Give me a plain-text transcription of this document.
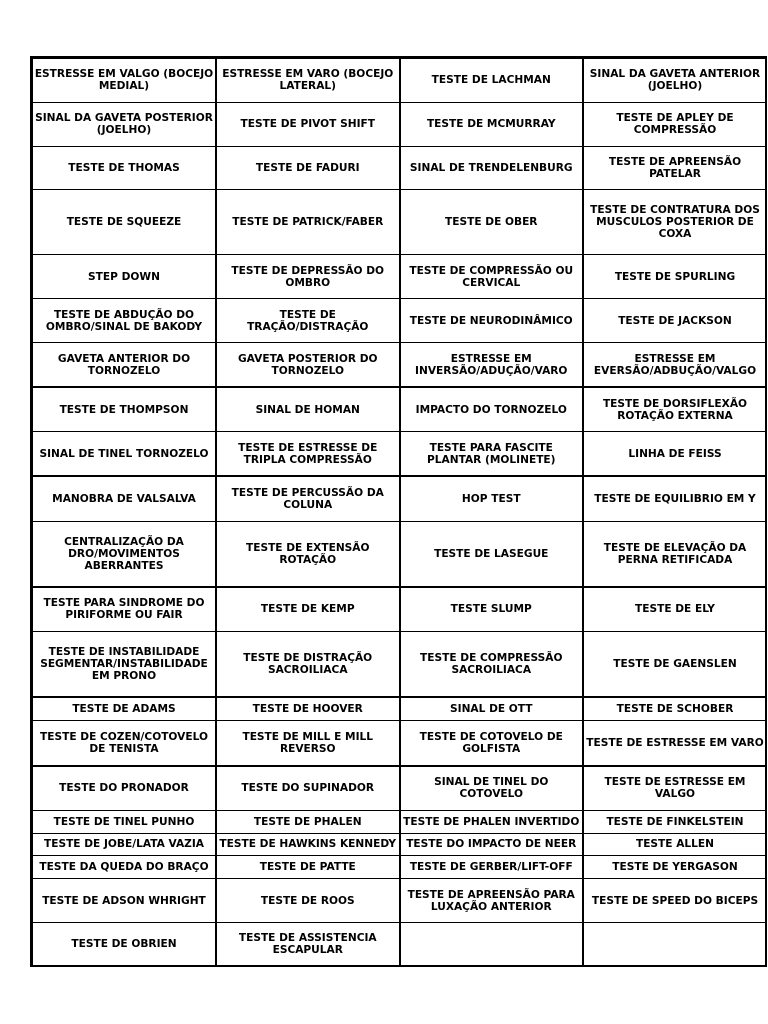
ESTRESSE EM VALGO (BOCEJO MEDIAL)	ESTRESSE EM VARO (BOCEJO LATERAL)	TESTE DE LACHMAN	SINAL DA GAVETA ANTERIOR (JOELHO)

SINAL DA GAVETA POSTERIOR (JOELHO)	TESTE DE PIVOT SHIFT	TESTE DE MCMURRAY	TESTE DE APLEY DE COMPRESSÃO

TESTE DE THOMAS	TESTE DE FADURI	SINAL DE TRENDELENBURG	TESTE DE APREENSÃO PATELAR

TESTE DE SQUEEZE	TESTE DE PATRICK/FABER	TESTE DE OBER	TESTE DE CONTRATURA DOS MUSCULOS POSTERIOR DE COXA

STEP DOWN	TESTE DE DEPRESSÃO DO OMBRO	TESTE DE COMPRESSÃO OU CERVICAL	TESTE DE SPURLING

TESTE DE ABDUÇÃO DO OMBRO/SINAL DE BAKODY	TESTE DE TRAÇÃO/DISTRAÇÃO	TESTE DE NEURODINÂMICO	TESTE DE JACKSON

GAVETA ANTERIOR DO TORNOZELO	GAVETA POSTERIOR DO TORNOZELO	ESTRESSE EM INVERSÃO/ADUÇÃO/VARO	ESTRESSE EM EVERSÃO/ADBUÇÃO/VALGO

TESTE DE THOMPSON	SINAL DE HOMAN	IMPACTO DO TORNOZELO	TESTE DE DORSIFLEXÃO ROTAÇÃO EXTERNA

SINAL DE TINEL TORNOZELO	TESTE DE ESTRESSE DE TRIPLA COMPRESSÃO	TESTE PARA FASCITE PLANTAR (MOLINETE)	LINHA DE FEISS

MANOBRA DE VALSALVA	TESTE DE PERCUSSÃO DA COLUNA	HOP TEST	TESTE DE EQUILIBRIO EM Y

CENTRALIZAÇÃO DA DRO/MOVIMENTOS ABERRANTES	TESTE DE EXTENSÃO ROTAÇÃO	TESTE DE LASEGUE	TESTE DE ELEVAÇÃO DA PERNA RETIFICADA

TESTE PARA SINDROME DO PIRIFORME OU FAIR	TESTE DE KEMP	TESTE SLUMP	TESTE DE ELY

TESTE DE INSTABILIDADE SEGMENTAR/INSTABILIDADE EM PRONO	TESTE DE DISTRAÇÃO SACROILIACA	TESTE DE COMPRESSÃO SACROILIACA	TESTE DE GAENSLEN

TESTE DE ADAMS	TESTE DE HOOVER	SINAL DE OTT	TESTE DE SCHOBER

TESTE DE COZEN/COTOVELO DE TENISTA	TESTE DE MILL E MILL REVERSO	TESTE DE COTOVELO DE GOLFISTA	TESTE DE ESTRESSE EM VARO

TESTE DO PRONADOR	TESTE DO SUPINADOR	SINAL DE TINEL DO COTOVELO	TESTE DE ESTRESSE EM VALGO

TESTE DE TINEL PUNHO	TESTE DE PHALEN	TESTE DE PHALEN INVERTIDO	TESTE DE FINKELSTEIN

TESTE DE JOBE/LATA VAZIA	TESTE DE HAWKINS KENNEDY	TESTE DO IMPACTO DE NEER	TESTE ALLEN

TESTE DA QUEDA DO BRAÇO	TESTE DE PATTE	TESTE DE GERBER/LIFT-OFF	TESTE DE YERGASON

TESTE DE ADSON WHRIGHT	TESTE DE ROOS	TESTE DE APREENSÃO PARA LUXAÇÃO ANTERIOR	TESTE DE SPEED DO BICEPS

TESTE DE OBRIEN	TESTE DE ASSISTENCIA ESCAPULAR		
